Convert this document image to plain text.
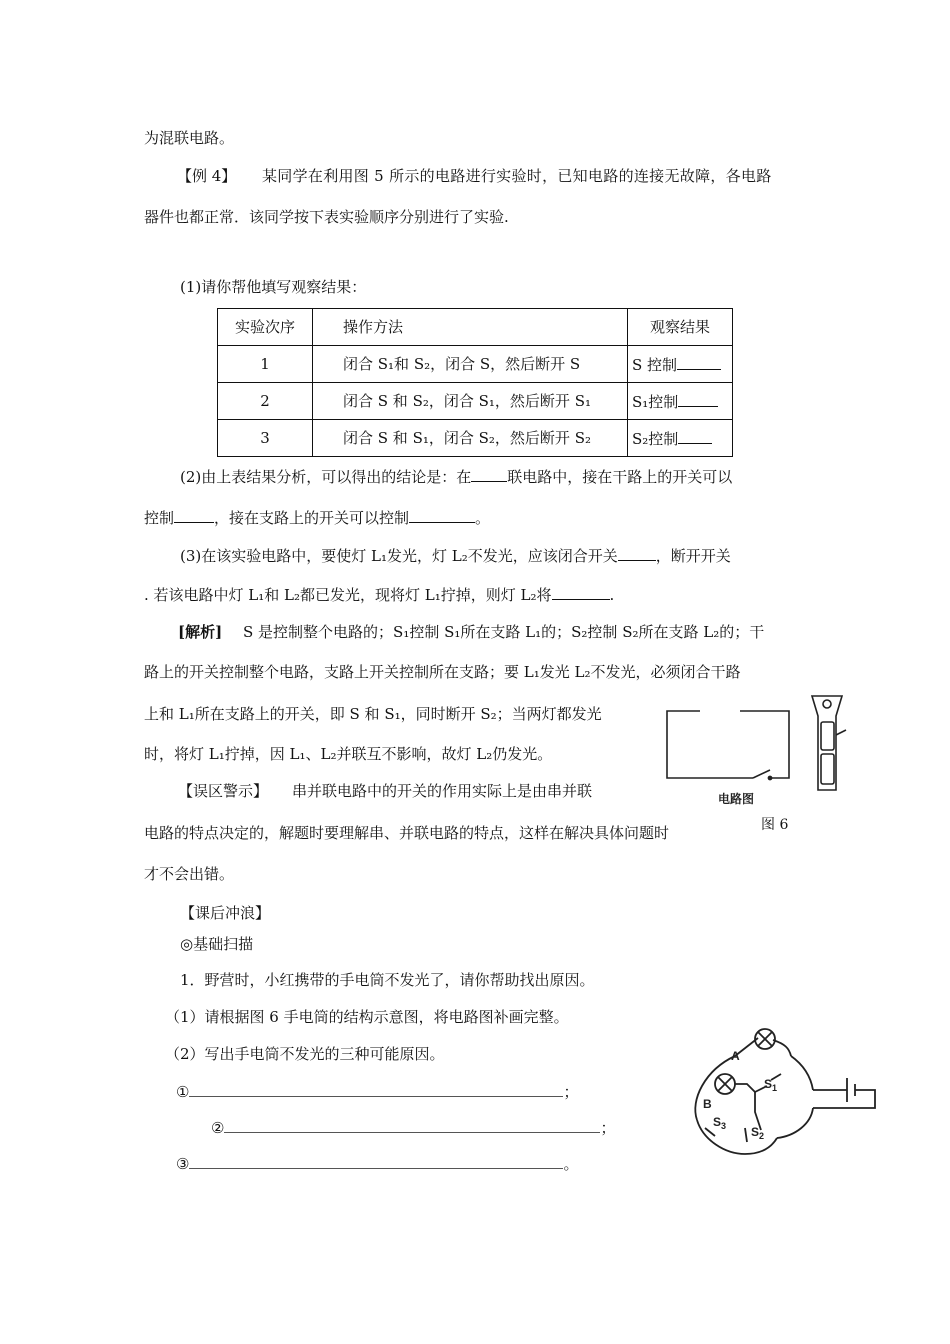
为混联电路。
【例 4】 某同学在利用图 5 所示的电路进行实验时，已知电路的连接无故障，各电路
器件也都正常．该同学按下表实验顺序分别进行了实验.
(1)请你帮他填写观察结果：
实验次序	操作方法	观察结果
1	闭合 S₁和 S₂，闭合 S，然后断开 S	S 控制
2	闭合 S 和 S₂，闭合 S₁，然后断开 S₁	S₁控制
3	闭合 S 和 S₁，闭合 S₂，然后断开 S₂	S₂控制
(2)由上表结果分析，可以得出的结论是：在 联电路中，接在干路上的开关可以
控制	，接在支路上的开关可以控制	。
(3)在该实验电路中，要使灯 L₁发光，灯 L₂不发光，应该闭合开关	，断开开关
. 若该电路中灯 L₁和 L₂都已发光，现将灯 L₁拧掉，则灯 L₂将	.
[解析] S 是控制整个电路的；S₁控制 S₁所在支路 L₁的；S₂控制 S₂所在支路 L₂的；干
路上的开关控制整个电路，支路上开关控制所在支路；要 L₁发光 L₂不发光，必须闭合干路
上和 L₁所在支路上的开关，即 S 和 S₁，同时断开 S₂；当两灯都发光
时，将灯 L₁拧掉，因 L₁、L₂并联互不影响，故灯 L₂仍发光。
【误区警示】 串并联电路中的开关的作用实际上是由串并联
电路的特点决定的，解题时要理解串、并联电路的特点，这样在解决具体问题时
才不会出错。
电路图
图 6
【课后冲浪】
◎基础扫描
1．野营时，小红携带的手电筒不发光了，请你帮助找出原因。
（1）请根据图 6 手电筒的结构示意图，将电路图补画完整。
（2）写出手电筒不发光的三种可能原因。
①	；
②	；
③	。
A
B
$S_1$
$S_3$ $S_2$
